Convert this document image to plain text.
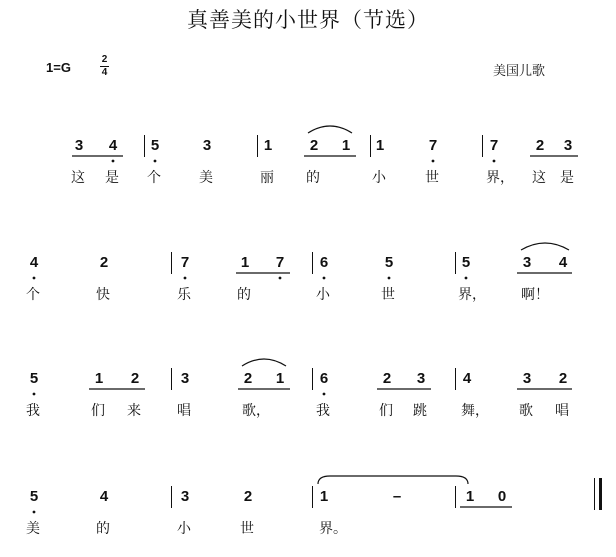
真善美的小世界（节选）
1=G
2
4	美国儿歌
3	4	5	3	1	2	1	1	7	7	2	3
这 是 个	美	丽 的	小	世	界， 这 是
4	2	7	1	7	6	5	5	3	4
个	快	乐	的	小	世	界，	啊！
5	1	2	3	2	1	6	2	3	4	3	2
我	们 来	唱	歌，	我	们 跳 舞， 歌 唱
5	4	3	2	1	–	1	0
美	的	小	世	界。
